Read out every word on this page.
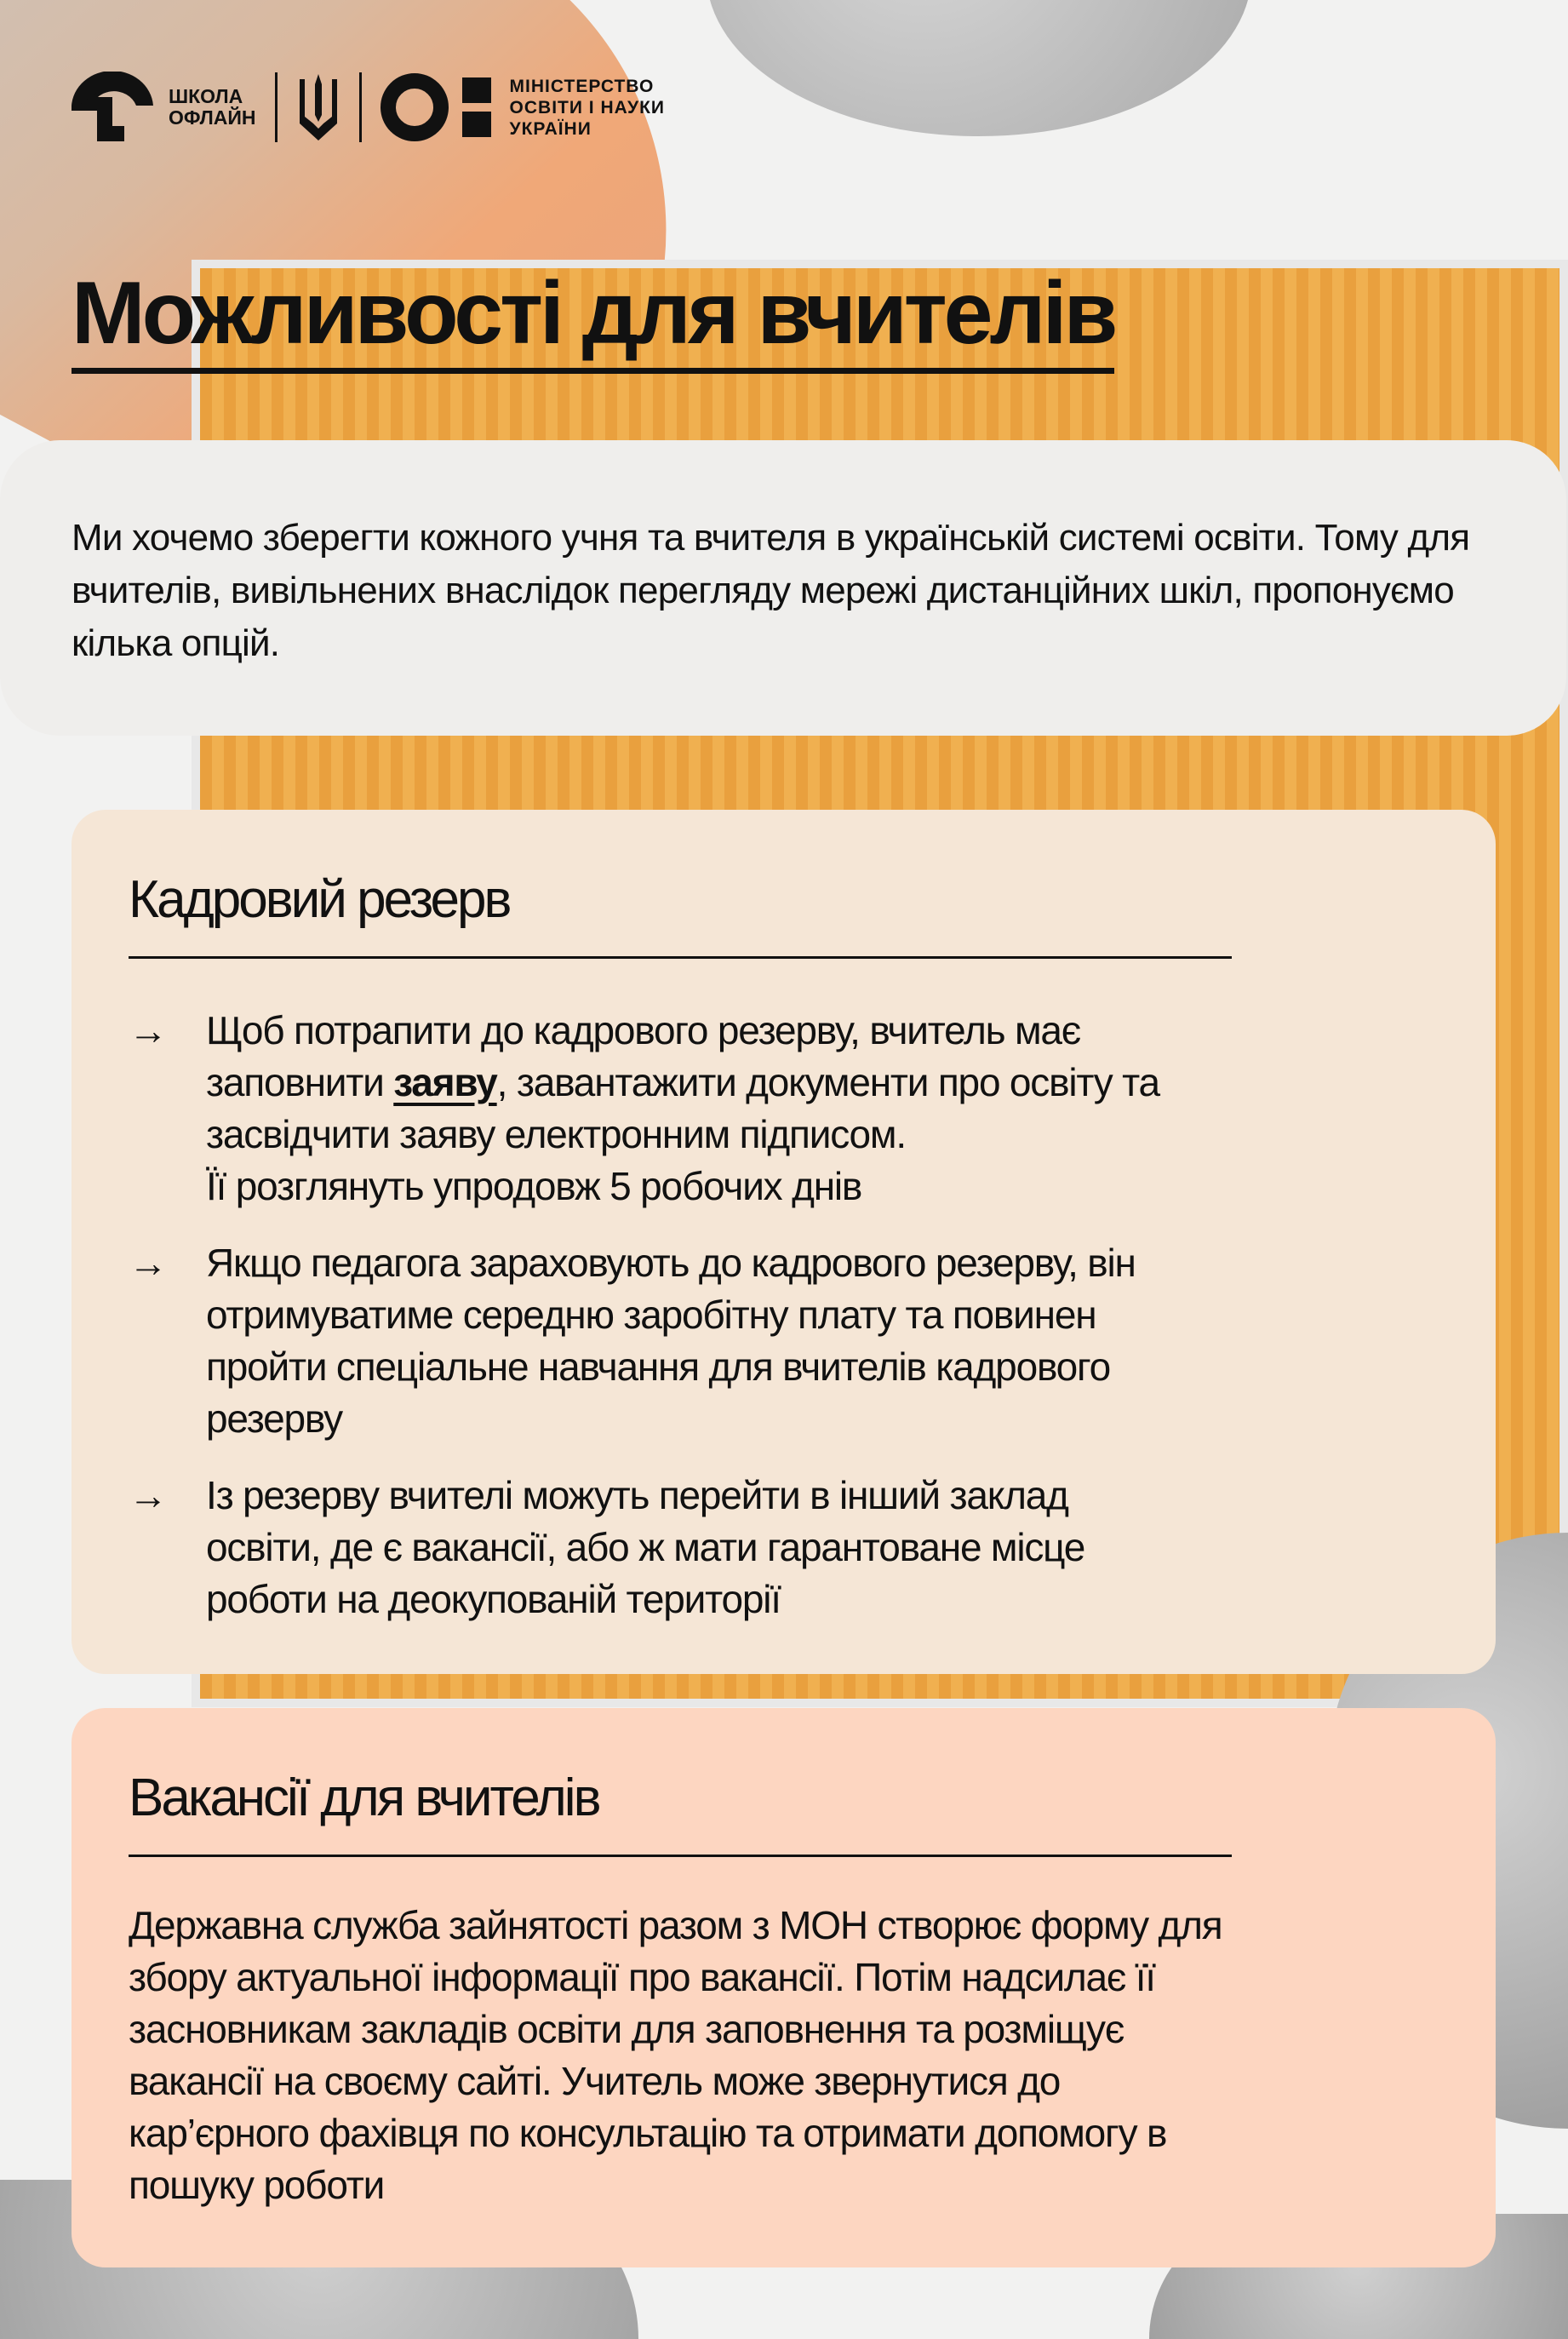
ШКОЛА
ОФЛАЙН
МІНІСТЕРСТВО
ОСВІТИ І НАУКИ
УКРАЇНИ
Можливості для вчителів

Ми хочемо зберегти кожного учня та вчителя в українській системі освіти. Тому для вчителів, вивільнених внаслідок перегляду мережі дистанційних шкіл, пропонуємо кілька опцій.

Кадровий резерв
→	Щоб потрапити до кадрового резерву, вчитель має заповнити заяву, завантажити документи про освіту та засвідчити заяву електронним підписом.
Її розглянуть упродовж 5 робочих днів
→	Якщо педагога зараховують до кадрового резерву, він отримуватиме середню заробітну плату та повинен пройти спеціальне навчання для вчителів кадрового резерву
→	Із резерву вчителі можуть перейти в інший заклад освіти, де є вакансії, або ж мати гарантоване місце роботи на деокупованій території
Вакансії для вчителів
Державна служба зайнятості разом з МОН створює форму для збору актуальної інформації про вакансії. Потім надсилає її засновникам закладів освіти для заповнення та розміщує вакансії на своєму сайті. Учитель може звернутися до кар’єрного фахівця по консультацію та отримати допомогу в пошуку роботи
